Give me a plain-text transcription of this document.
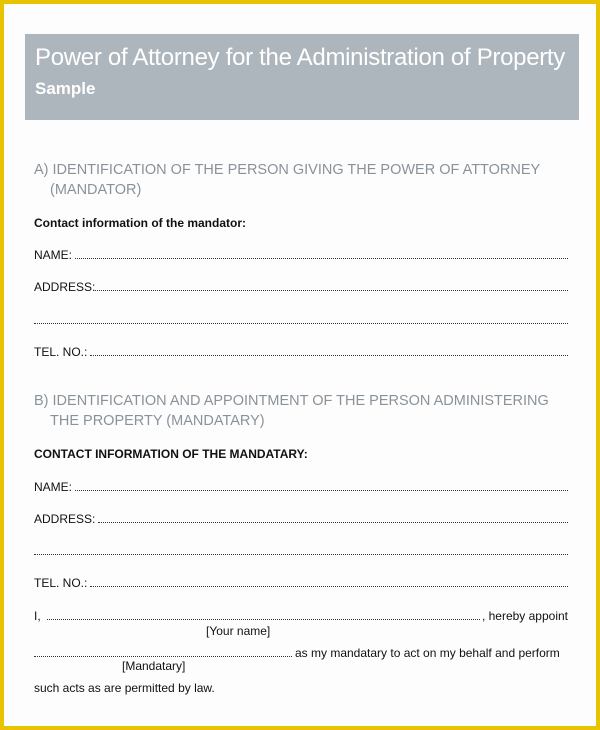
Power of Attorney for the Administration of Property
Sample
A) IDENTIFICATION OF THE PERSON GIVING THE POWER OF ATTORNEY
(MANDATOR)
Contact information of the mandator:
NAME:
ADDRESS:
TEL. NO.:
B) IDENTIFICATION AND APPOINTMENT OF THE PERSON ADMINISTERING
THE PROPERTY (MANDATARY)
CONTACT INFORMATION OF THE MANDATARY:
NAME:
ADDRESS:
TEL. NO.:
I,	, hereby appoint
[Your name]
as my mandatary to act on my behalf and perform
[Mandatary]
such acts as are permitted by law.
